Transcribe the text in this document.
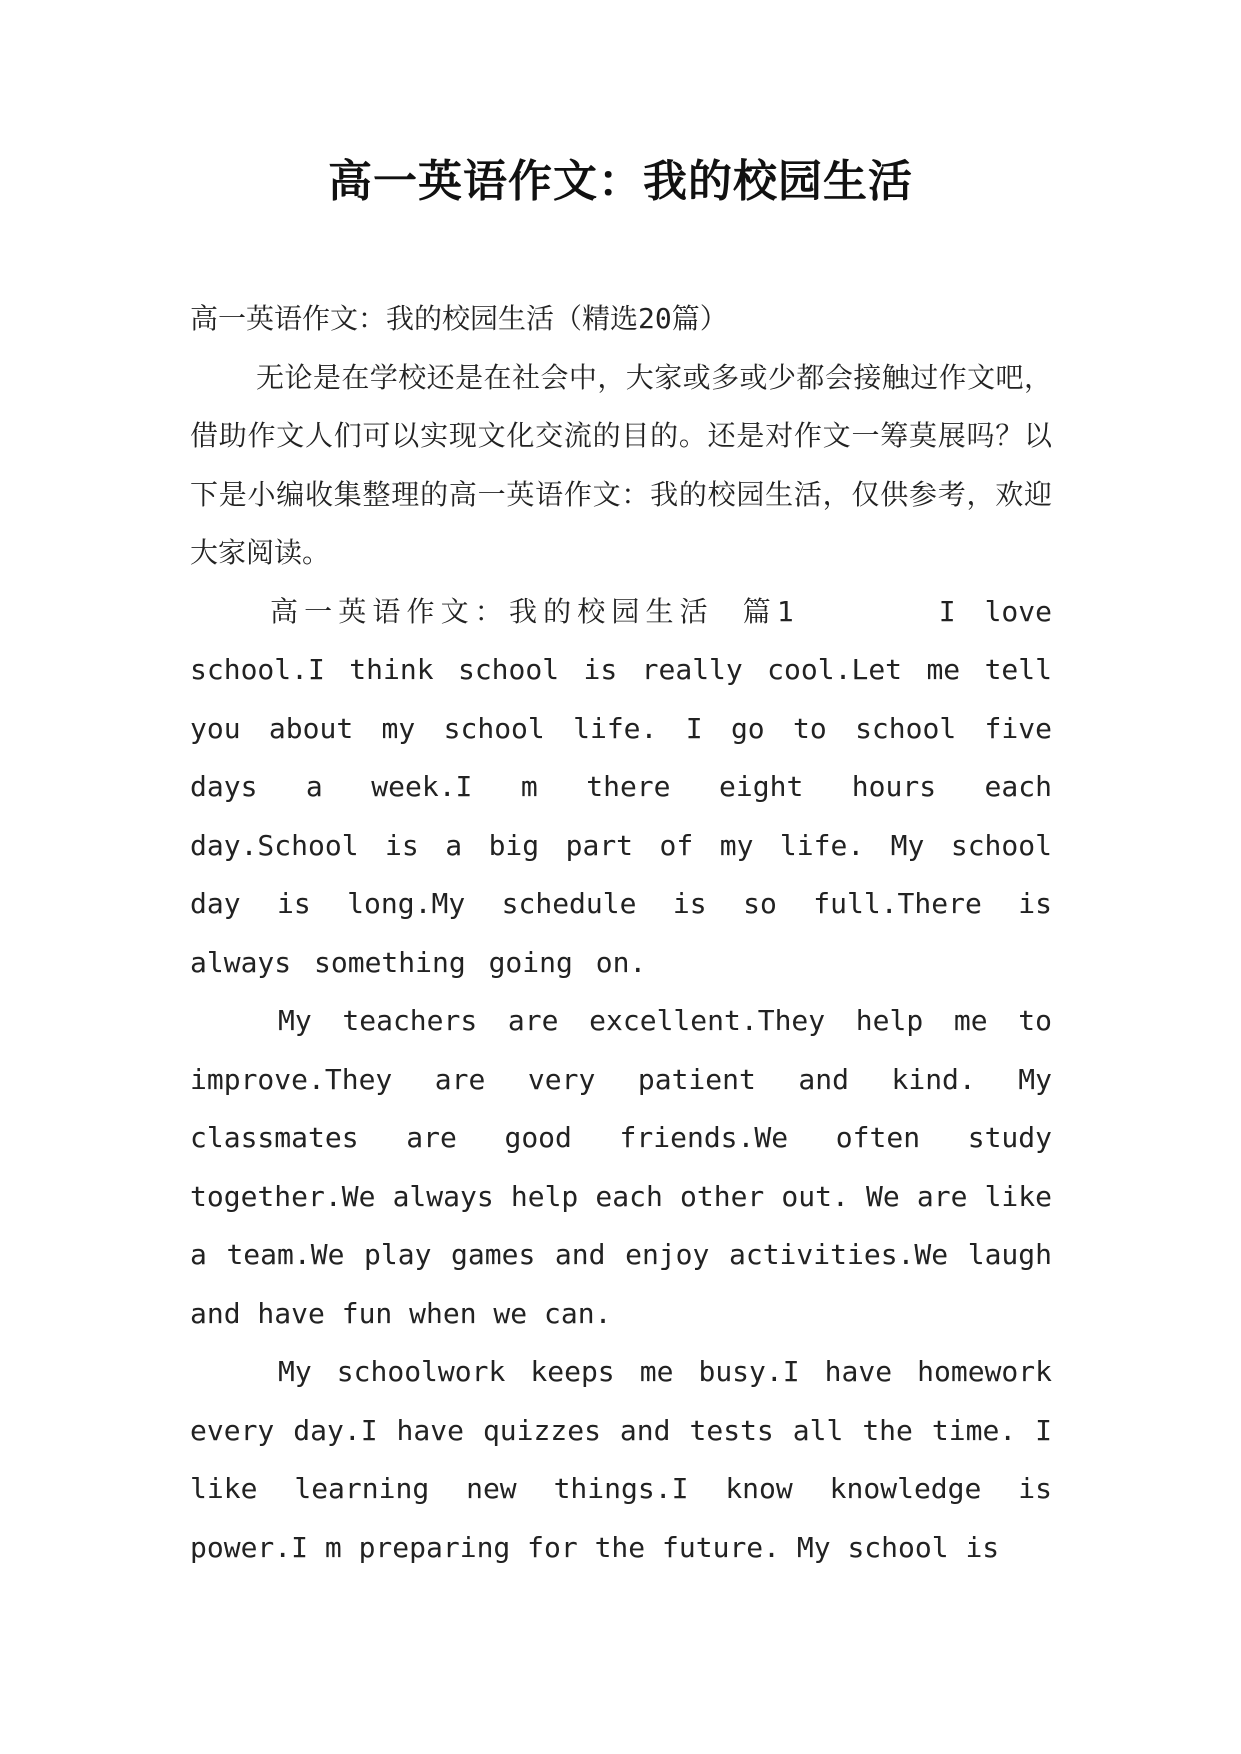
高一英语作文：我的校园生活

高一英语作文：我的校园生活（精选20篇）

无论是在学校还是在社会中，大家或多或少都会接触过作文吧，借助作文人们可以实现文化交流的目的。还是对作文一筹莫展吗？以下是小编收集整理的高一英语作文：我的校园生活，仅供参考，欢迎大家阅读。

高一英语作文：我的校园生活 篇1	I love school.I think school is really cool.Let me tell you about my school life. I go to school five days a week.I m there eight hours each day.School is a big part of my life. My school day is long.My schedule is so full.There is always something going on.

My teachers are excellent.They help me to improve.They are very patient and kind. My classmates are good friends.We often study together.We always help each other out. We are like a team.We play games and enjoy activities.We laugh and have fun when we can.

My schoolwork keeps me busy.I have homework every day.I have quizzes and tests all the time. I like learning new things.I know knowledge is power.I m preparing for the future. My school is
